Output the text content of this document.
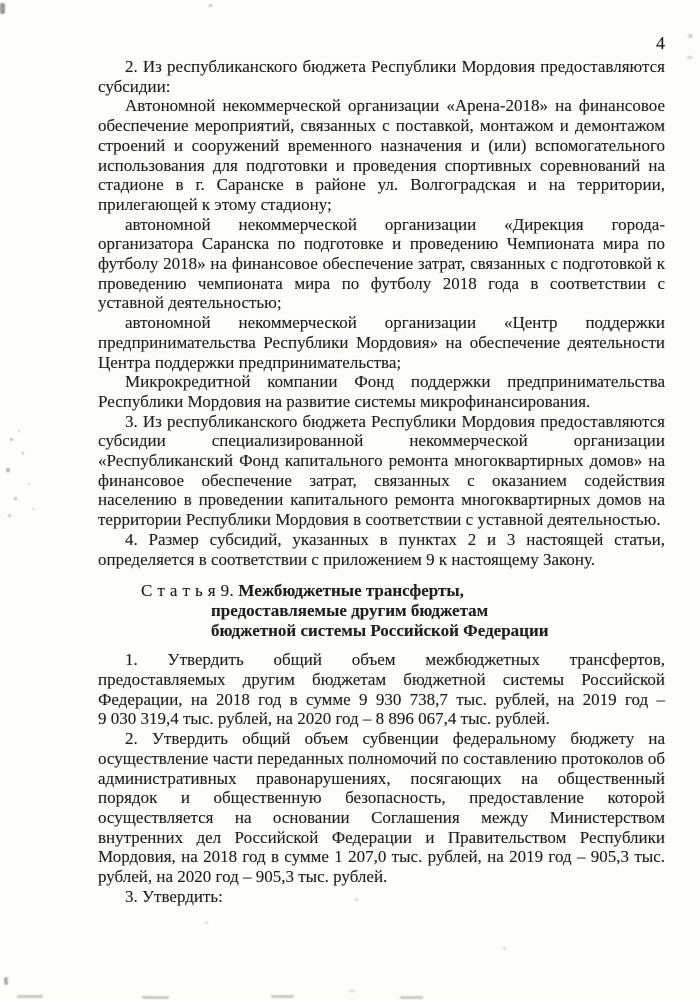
4

2. Из республиканского бюджета Республики Мордовия предоставляются субсидии:

Автономной некоммерческой организации «Арена-2018» на финансовое обеспечение мероприятий, связанных с поставкой, монтажом и демонтажом строений и сооружений временного назначения и (или) вспомогательного использования для подготовки и проведения спортивных соревнований на стадионе в г. Саранске в районе ул. Волгоградская и на территории, прилегающей к этому стадиону;

автономной некоммерческой организации «Дирекция города-организатора Саранска по подготовке и проведению Чемпионата мира по футболу 2018» на финансовое обеспечение затрат, связанных с подготовкой к проведению чемпионата мира по футболу 2018 года в соответствии с уставной деятельностью;

автономной некоммерческой организации «Центр поддержки предпринимательства Республики Мордовия» на обеспечение деятельности Центра поддержки предпринимательства;

Микрокредитной компании Фонд поддержки предпринимательства Республики Мордовия на развитие системы микрофинансирования.

3. Из республиканского бюджета Республики Мордовия предоставляются субсидии специализированной некоммерческой организации «Республиканский Фонд капитального ремонта многоквартирных домов» на финансовое обеспечение затрат, связанных с оказанием содействия населению в проведении капитального ремонта многоквартирных домов на территории Республики Мордовия в соответствии с уставной деятельностью.

4. Размер субсидий, указанных в пунктах 2 и 3 настоящей статьи, определяется в соответствии с приложением 9 к настоящему Закону.

С т а т ь я 9. Межбюджетные трансферты,
предоставляемые другим бюджетам
бюджетной системы Российской Федерации

1. Утвердить общий объем межбюджетных трансфертов, предоставляемых другим бюджетам бюджетной системы Российской Федерации, на 2018 год в сумме 9 930 738,7 тыс. рублей, на 2019 год – 9 030 319,4 тыс. рублей, на 2020 год – 8 896 067,4 тыс. рублей.

2. Утвердить общий объем субвенции федеральному бюджету на осуществление части переданных полномочий по составлению протоколов об административных правонарушениях, посягающих на общественный порядок и общественную безопасность, предоставление которой осуществляется на основании Соглашения между Министерством внутренних дел Российской Федерации и Правительством Республики Мордовия, на 2018 год в сумме 1 207,0 тыс. рублей, на 2019 год – 905,3 тыс. рублей, на 2020 год – 905,3 тыс. рублей.

3. Утвердить:
